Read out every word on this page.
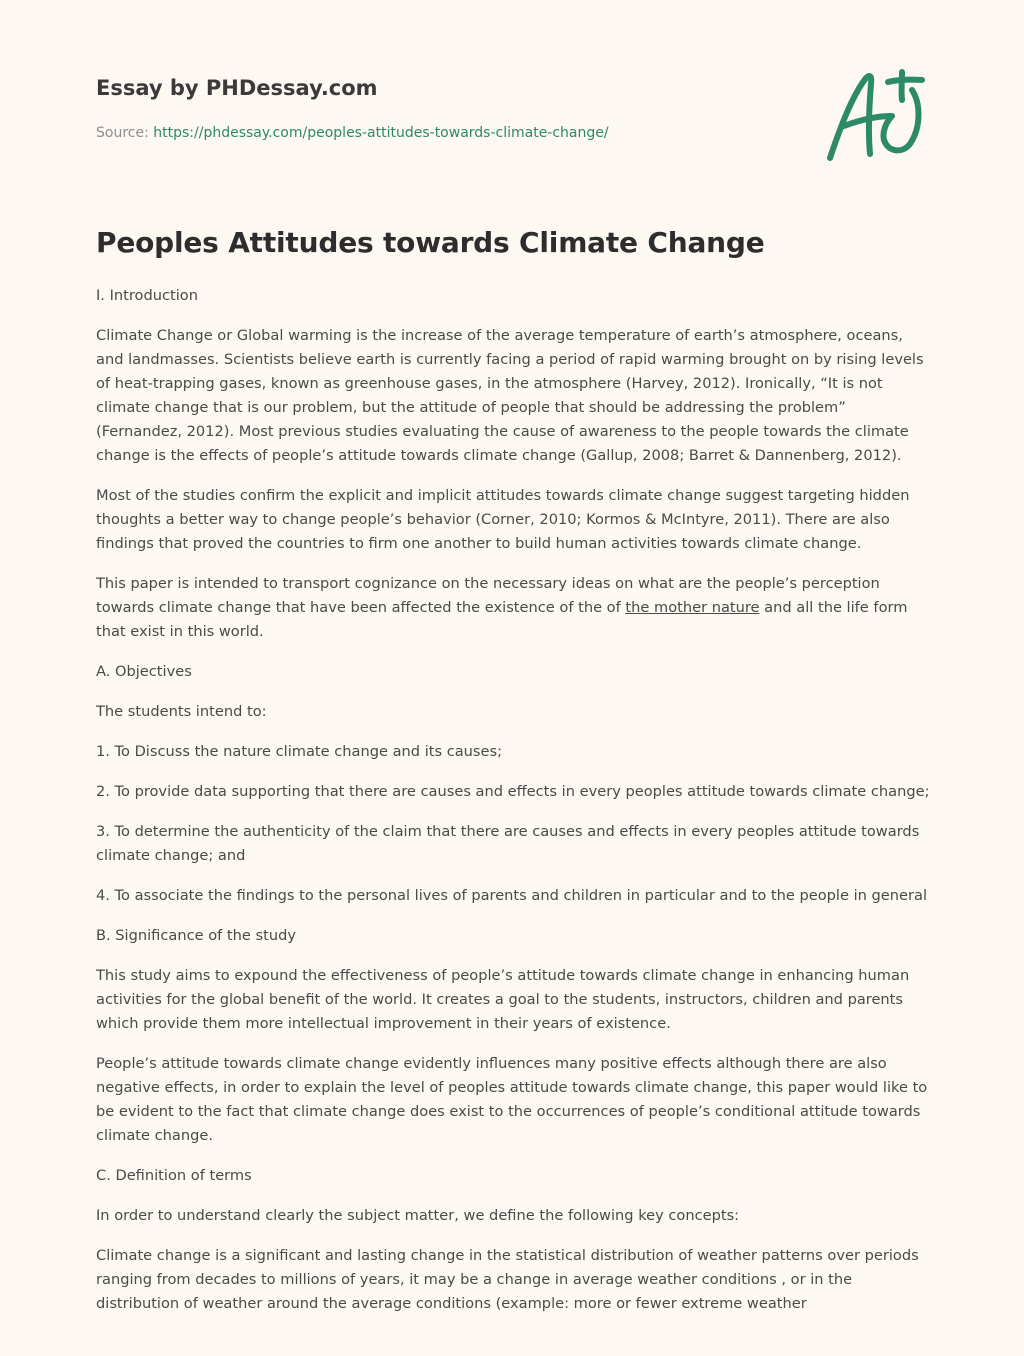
Essay by PHDessay.com
Source: https://phdessay.com/peoples-attitudes-towards-climate-change/
Peoples Attitudes towards Climate Change

I. Introduction

Climate Change or Global warming is the increase of the average temperature of earth’s atmosphere, oceans, and landmasses. Scientists believe earth is currently facing a period of rapid warming brought on by rising levels of heat-trapping gases, known as greenhouse gases, in the atmosphere (Harvey, 2012). Ironically, “It is not climate change that is our problem, but the attitude of people that should be addressing the problem” (Fernandez, 2012). Most previous studies evaluating the cause of awareness to the people towards the climate change is the effects of people’s attitude towards climate change (Gallup, 2008; Barret & Dannenberg, 2012).

Most of the studies confirm the explicit and implicit attitudes towards climate change suggest targeting hidden thoughts a better way to change people’s behavior (Corner, 2010; Kormos & McIntyre, 2011). There are also findings that proved the countries to firm one another to build human activities towards climate change.

This paper is intended to transport cognizance on the necessary ideas on what are the people’s perception towards climate change that have been affected the existence of the of the mother nature and all the life form that exist in this world.

A. Objectives

The students intend to:

1. To Discuss the nature climate change and its causes;

2. To provide data supporting that there are causes and effects in every peoples attitude towards climate change;

3. To determine the authenticity of the claim that there are causes and effects in every peoples attitude towards climate change; and

4. To associate the findings to the personal lives of parents and children in particular and to the people in general

B. Significance of the study

This study aims to expound the effectiveness of people’s attitude towards climate change in enhancing human activities for the global benefit of the world. It creates a goal to the students, instructors, children and parents which provide them more intellectual improvement in their years of existence.

People’s attitude towards climate change evidently influences many positive effects although there are also negative effects, in order to explain the level of peoples attitude towards climate change, this paper would like to be evident to the fact that climate change does exist to the occurrences of people’s conditional attitude towards climate change.

C. Definition of terms

In order to understand clearly the subject matter, we define the following key concepts:

Climate change is a significant and lasting change in the statistical distribution of weather patterns over periods ranging from decades to millions of years, it may be a change in average weather conditions , or in the distribution of weather around the average conditions (example: more or fewer extreme weather
